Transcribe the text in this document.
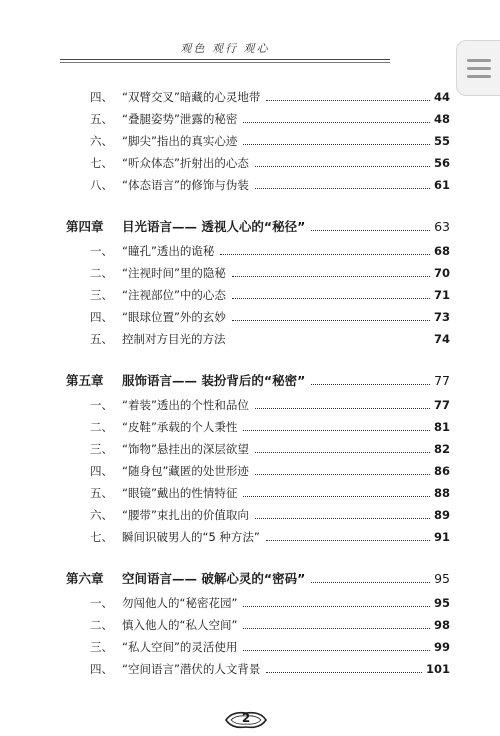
观色 观行 观心
四、 “双臂交叉”暗藏的心灵地带	44
五、 “叠腿姿势”泄露的秘密	48
六、 “脚尖”指出的真实心迹	55
七、 “听众体态”折射出的心态	56
八、 “体态语言”的修饰与伪装	61
第四章	目光语言—— 透视人心的“秘径”	63
一、 “瞳孔”透出的诡秘	68
二、 “注视时间”里的隐秘	70
三、 “注视部位”中的心态	71
四、 “眼球位置”外的玄妙	73
五、 控制对方目光的方法	74
第五章	服饰语言—— 装扮背后的“秘密”	77
一、 “着装”透出的个性和品位	77
二、 “皮鞋”承载的个人秉性	81
三、 “饰物”悬挂出的深层欲望	82
四、 “随身包”藏匿的处世形迹	86
五、 “眼镜”戴出的性情特征	88
六、 “腰带”束扎出的价值取向	89
七、 瞬间识破男人的“5 种方法”	91
第六章	空间语言—— 破解心灵的“密码”	95
一、 勿闯他人的“秘密花园”	95
二、 慎入他人的“私人空间”	98
三、 “私人空间”的灵活使用	99
四、 “空间语言”潜伏的人文背景	101
2
